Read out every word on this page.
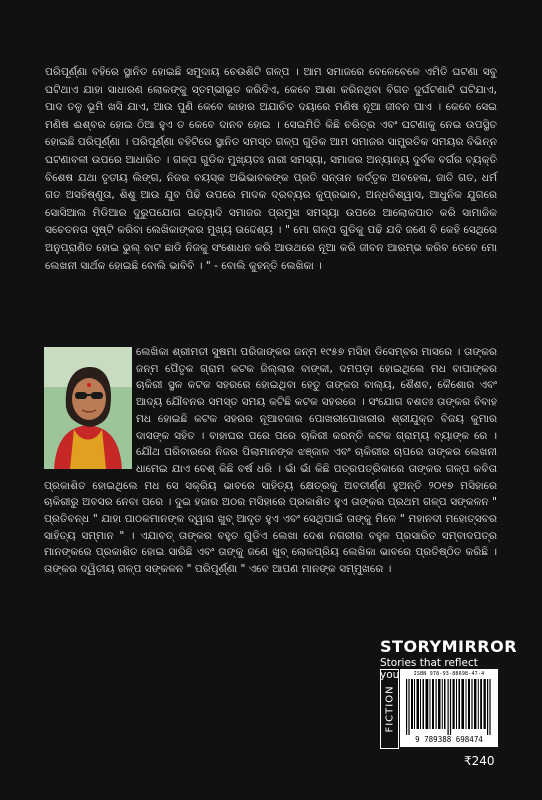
ପରିପୂର୍ଣ୍ଣା ବହିରେ ସ୍ଥାନିତ ହୋଇଛି ସମୁଦାୟ ଚେଉଶିଟି ଗଳ୍ପ । ଆମ ସମାଜରେ ବେଳେବେଳେ ଏମିତି ଘଟଣା ସବୁ ଘଟିଥାଏ ଯାହା ସାଧାରଣ ଲୋକଙ୍କୁ ସ୍ତମ୍ଭୀଭୂତ କରିଦିଏ, କେବେ ଆଶା କରିନଥିବା ବିଗତ ଦୁର୍ଘଟଣାଟି ଘଟିଯାଏ, ପାଦ ତଳୁ ଭୂମି ଖସି ଯାଏ, ଆଉ ପୁଣି କେବେ କାହାର ଅଯାଚିତ ଦୟାରେ ମଣିଷ ନୂଆ ଜୀବନ ପାଏ । କେବେ ସେଇ ମଣିଷ ଈଶ୍ବର ହୋଇ ଠିଆ ହୁଏ ତ କେବେ ଦାନବ ହୋଇ । ସେଇମିତି କିଛି ଚରିତ୍ର ଏବଂ ଘଟଣାକୁ ନେଇ ଉପସ୍ଥିତ ହୋଇଛି ପରିପୂର୍ଣ୍ଣା । ପରିପୂର୍ଣ୍ଣା ବହିଟିରେ ସ୍ଥାନିତ ସମସ୍ତ ଗଳ୍ପ ଗୁଡିକ ଆମ ସମାଜର ସାମ୍ପ୍ରତିକ ସମୟର ବିଭିନ୍ନ ଘଟଣାବଳୀ ଉପରେ ଆଧାରିତ । ଗଳ୍ପ ଗୁଡିକ ମୁଖ୍ୟତଃ ନାରୀ ସମସ୍ୟା, ସମାଜର ଅନ୍ୟାନ୍ୟ ଦୁର୍ବଳ ବର୍ଗର ବ୍ୟକ୍ତି ବିଶେଷ ଯଥା ତୃତୀୟ ଲିଙ୍ଗ, ନିଜର ବୟସ୍କ ଅଭିଭାବକଙ୍କ ପ୍ରତି ସନ୍ତାନ କର୍ତ୍ତୃକ ଅବହେଳା, ଜାତି ଗତ, ଧର୍ମ ଗତ ଅସହିଷ୍ଣୁତା, ଶିଶୁ ଆଉ ଯୁବ ପିଢି ଉପରେ ମାଦକ ଦ୍ରବ୍ୟର କୁପ୍ରଭାବ, ଅନ୍ଧବିଶ୍ୱାସ, ଆଧୁନିକ ଯୁଗରେ ସୋସିଆଲ ମିଡିଆର ଦୁରୁପଯୋଗ ଇତ୍ୟାଦି ସମାଜର ପ୍ରମୁଖ ସମସ୍ୟା ଉପରେ ଆଲୋକପାତ କରି ସାମାଜିକ ସଚେତନତା ସୃଷ୍ଟି କରିବା ଲେଖିକାଙ୍କର ମୁଖ୍ୟ ଉଦ୍ଦେଶ୍ୟ । " ମୋ ଗଳ୍ପ ଗୁଡିକୁ ପଢି ଯଦି ଜଣେ ବି କେହି ସେଥିରେ ଅନୁପ୍ରାଣିତ ହୋଇ ଭୁଲ୍ ବାଟ ଛାଡି ନିଜକୁ ସଂଶୋଧନ କରି ଆଉଥରେ ନୂଆ କରି ଜୀବନ ଆରମ୍ଭ କରିବ ତେବେ ମୋ ଲେଖନୀ ସାର୍ଥକ ହୋଇଛି ବୋଲି ଭାବିବି । " - ବୋଲି କୁହନ୍ତି ଲେଖିକା ।
ଲେଖିକା ଶ୍ରୀମତୀ ସୁଷମା ପରିଜାଙ୍କର ଜନ୍ମ ୧୯୫୭ ମସିହା ଡିସେମ୍ବର ମାସରେ । ତାଙ୍କର ଜନ୍ମ ପୈତୃକ ଗ୍ରାମ କଟକ ଜିଲ୍ଲାର ବାଙ୍କୀ, ଦମପଡ଼ା ହୋଇଥିଲେ ମଧ ବାପାଙ୍କର ଚାକିରୀ ସ୍ଥଳ କଟକ ସହରରେ ହୋଇଥିବା ହେତୁ ତାଙ୍କର ବାଲ୍ୟ, ଶୈଶବ, କୈଶୋର ଏବଂ ଆଦ୍ୟ ଯୌବନର ସମସ୍ତ ସମୟ କଟିଛି କଟକ ସହରରେ । ସଂଯୋଗ ବଶତଃ ତାଙ୍କର ବିବାହ ମଧ ହୋଇଛି କଟକ ସହରର ନୂଆବଜାର ପୋଖରୀପୋଖରୀର ଶ୍ରୀଯୁକ୍ତ ବିଜୟ କୁମାର ଦାସଙ୍କ ସହିତ । ବାହାଘର ପରେ ପରେ ଚାକିରୀ କରନ୍ତି କଟକ ଗ୍ରାମ୍ୟ ବ୍ୟାଙ୍କ ରେ । ଯୌଥ ପରିବାରରେ ନିଜର ପିଲାମାନଙ୍କ ଝଞ୍ଜାଳ ଏବଂ ଚାକିରୀର ଚାପରେ ତାଙ୍କର ଲେଖନୀ ଧାମେଇ ଯାଏ ବେଶ୍ କିଛି ବର୍ଷ ଧରି । ଭାଁ ଭାଁ କିଛି ପତ୍ରପତ୍ରିକାରେ ତାଙ୍କର ଗଳ୍ପ କବିତା ପ୍ରକାଶିତ ହୋଇଥିଲେ ମଧ ସେ ସକ୍ରିୟ ଭାବରେ ସାହିତ୍ୟ କ୍ଷେତ୍ରକୁ ଅବତୀର୍ଣ୍ଣ ହୁଅନ୍ତି ୨୦୧୭ ମସିହାରେ ଚାକିରୀରୁ ଅବସର ନେବା ପରେ । ଦୁଇ ହଜାର ଅଠର ମସିହାରେ ପ୍ରକାଶିତ ହୁଏ ତାଙ୍କର ପ୍ରଥମ ଗଳ୍ପ ସଙ୍କଳନ " ପ୍ରତିବନ୍ଧ " ଯାହା ପାଠକମାନଙ୍କ ଦ୍ୱାରା ଖୁବ୍ ଆଦୃତ ହୁଏ ଏବଂ ସେଥିପାଇଁ ତାଙ୍କୁ ମିଳେ " ମହାନଦୀ ମହୋତ୍ସବର ସାହିତ୍ୟ ସମ୍ମାନ " । ଏଯାବତ୍ ତାଙ୍କର ବହୁତ ଗୁଡିଏ ଲେଖା ଦେଶ ନଗରୀର ବହୁଳ ପ୍ରସାରିତ ସମ୍ବାଦପତ୍ର ମାନଙ୍କରେ ପ୍ରକାଶିତ ହୋଇ ସାରିଛି ଏବଂ ତାଙ୍କୁ ଜଣେ ଖୁବ୍ ଲୋକପ୍ରିୟ ଲେଖିକା ଭାବରେ ପ୍ରତିଷ୍ଠିତ କରିଛି । ତାଙ୍କର ଦ୍ୱିତୀୟ ଗଳ୍ପ ସଙ୍କଳନ " ପରିପୂର୍ଣ୍ଣା " ଏବେ ଆପଣ ମାନଙ୍କ ସମ୍ମୁଖରେ ।
STORYMIRROR
Stories that reflect you
FICTION
ISBN 978-93-88698-47-4
9 789388 698474
₹240
